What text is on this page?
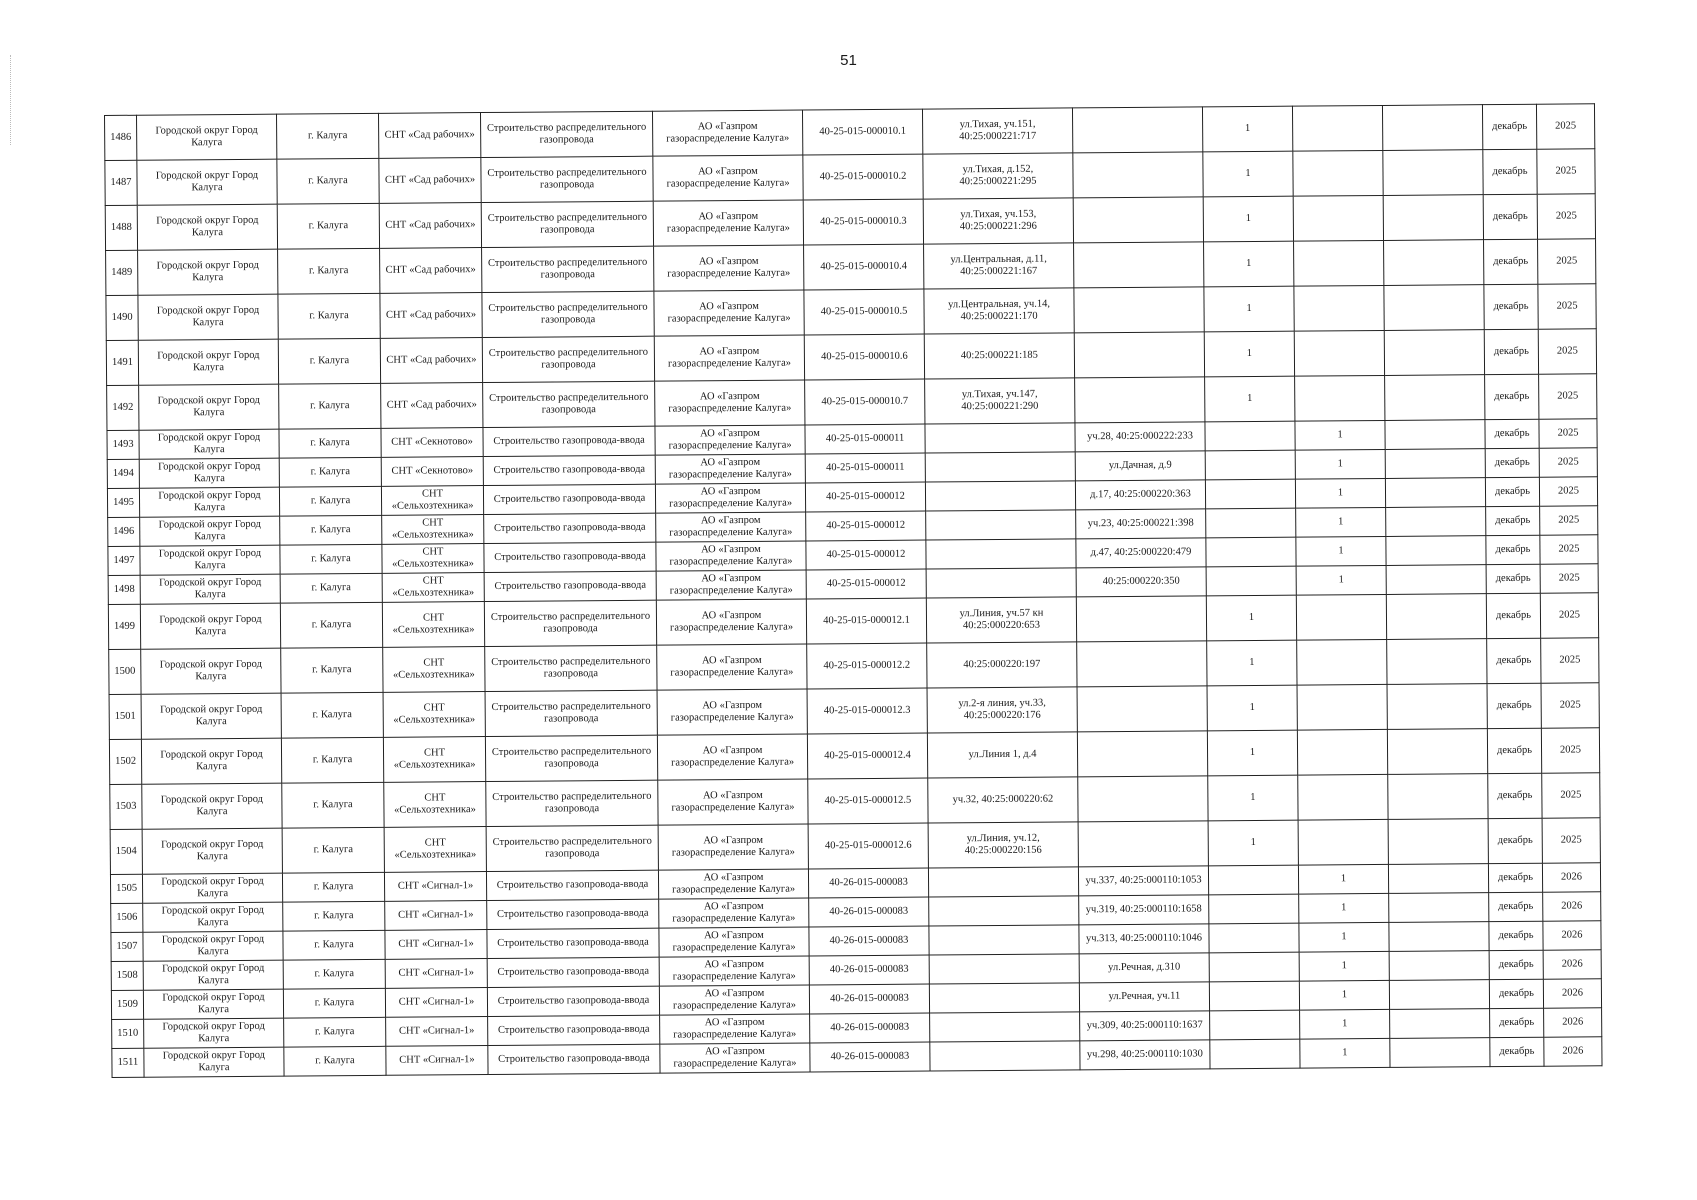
51
1486	Городской округ Город Калуга	г. Калуга	СНТ «Сад рабочих»	Строительство распределительного газопровода	АО «Газпром газораспределение Калуга»	40-25-015-000010.1	ул.Тихая, уч.151, 40:25:000221:717		1			декабрь	2025
1487	Городской округ Город Калуга	г. Калуга	СНТ «Сад рабочих»	Строительство распределительного газопровода	АО «Газпром газораспределение Калуга»	40-25-015-000010.2	ул.Тихая, д.152, 40:25:000221:295		1			декабрь	2025
1488	Городской округ Город Калуга	г. Калуга	СНТ «Сад рабочих»	Строительство распределительного газопровода	АО «Газпром газораспределение Калуга»	40-25-015-000010.3	ул.Тихая, уч.153, 40:25:000221:296		1			декабрь	2025
1489	Городской округ Город Калуга	г. Калуга	СНТ «Сад рабочих»	Строительство распределительного газопровода	АО «Газпром газораспределение Калуга»	40-25-015-000010.4	ул.Центральная, д.11, 40:25:000221:167		1			декабрь	2025
1490	Городской округ Город Калуга	г. Калуга	СНТ «Сад рабочих»	Строительство распределительного газопровода	АО «Газпром газораспределение Калуга»	40-25-015-000010.5	ул.Центральная, уч.14, 40:25:000221:170		1			декабрь	2025
1491	Городской округ Город Калуга	г. Калуга	СНТ «Сад рабочих»	Строительство распределительного газопровода	АО «Газпром газораспределение Калуга»	40-25-015-000010.6	40:25:000221:185		1			декабрь	2025
1492	Городской округ Город Калуга	г. Калуга	СНТ «Сад рабочих»	Строительство распределительного газопровода	АО «Газпром газораспределение Калуга»	40-25-015-000010.7	ул.Тихая, уч.147, 40:25:000221:290		1			декабрь	2025
1493	Городской округ Город Калуга	г. Калуга	СНТ «Секнотово»	Строительство газопровода-ввода	АО «Газпром газораспределение Калуга»	40-25-015-000011		уч.28, 40:25:000222:233		1		декабрь	2025
1494	Городской округ Город Калуга	г. Калуга	СНТ «Секнотово»	Строительство газопровода-ввода	АО «Газпром газораспределение Калуга»	40-25-015-000011		ул.Дачная, д.9		1		декабрь	2025
1495	Городской округ Город Калуга	г. Калуга	СНТ «Сельхозтехника»	Строительство газопровода-ввода	АО «Газпром газораспределение Калуга»	40-25-015-000012		д.17, 40:25:000220:363		1		декабрь	2025
1496	Городской округ Город Калуга	г. Калуга	СНТ «Сельхозтехника»	Строительство газопровода-ввода	АО «Газпром газораспределение Калуга»	40-25-015-000012		уч.23, 40:25:000221:398		1		декабрь	2025
1497	Городской округ Город Калуга	г. Калуга	СНТ «Сельхозтехника»	Строительство газопровода-ввода	АО «Газпром газораспределение Калуга»	40-25-015-000012		д.47, 40:25:000220:479		1		декабрь	2025
1498	Городской округ Город Калуга	г. Калуга	СНТ «Сельхозтехника»	Строительство газопровода-ввода	АО «Газпром газораспределение Калуга»	40-25-015-000012		40:25:000220:350		1		декабрь	2025
1499	Городской округ Город Калуга	г. Калуга	СНТ «Сельхозтехника»	Строительство распределительного газопровода	АО «Газпром газораспределение Калуга»	40-25-015-000012.1	ул.Линия, уч.57 кн 40:25:000220:653		1			декабрь	2025
1500	Городской округ Город Калуга	г. Калуга	СНТ «Сельхозтехника»	Строительство распределительного газопровода	АО «Газпром газораспределение Калуга»	40-25-015-000012.2	40:25:000220:197		1			декабрь	2025
1501	Городской округ Город Калуга	г. Калуга	СНТ «Сельхозтехника»	Строительство распределительного газопровода	АО «Газпром газораспределение Калуга»	40-25-015-000012.3	ул.2-я линия, уч.33, 40:25:000220:176		1			декабрь	2025
1502	Городской округ Город Калуга	г. Калуга	СНТ «Сельхозтехника»	Строительство распределительного газопровода	АО «Газпром газораспределение Калуга»	40-25-015-000012.4	ул.Линия 1, д.4		1			декабрь	2025
1503	Городской округ Город Калуга	г. Калуга	СНТ «Сельхозтехника»	Строительство распределительного газопровода	АО «Газпром газораспределение Калуга»	40-25-015-000012.5	уч.32, 40:25:000220:62		1			декабрь	2025
1504	Городской округ Город Калуга	г. Калуга	СНТ «Сельхозтехника»	Строительство распределительного газопровода	АО «Газпром газораспределение Калуга»	40-25-015-000012.6	ул.Линия, уч.12, 40:25:000220:156		1			декабрь	2025
1505	Городской округ Город Калуга	г. Калуга	СНТ «Сигнал-1»	Строительство газопровода-ввода	АО «Газпром газораспределение Калуга»	40-26-015-000083		уч.337, 40:25:000110:1053		1		декабрь	2026
1506	Городской округ Город Калуга	г. Калуга	СНТ «Сигнал-1»	Строительство газопровода-ввода	АО «Газпром газораспределение Калуга»	40-26-015-000083		уч.319, 40:25:000110:1658		1		декабрь	2026
1507	Городской округ Город Калуга	г. Калуга	СНТ «Сигнал-1»	Строительство газопровода-ввода	АО «Газпром газораспределение Калуга»	40-26-015-000083		уч.313, 40:25:000110:1046		1		декабрь	2026
1508	Городской округ Город Калуга	г. Калуга	СНТ «Сигнал-1»	Строительство газопровода-ввода	АО «Газпром газораспределение Калуга»	40-26-015-000083		ул.Речная, д.310		1		декабрь	2026
1509	Городской округ Город Калуга	г. Калуга	СНТ «Сигнал-1»	Строительство газопровода-ввода	АО «Газпром газораспределение Калуга»	40-26-015-000083		ул.Речная, уч.11		1		декабрь	2026
1510	Городской округ Город Калуга	г. Калуга	СНТ «Сигнал-1»	Строительство газопровода-ввода	АО «Газпром газораспределение Калуга»	40-26-015-000083		уч.309, 40:25:000110:1637		1		декабрь	2026
1511	Городской округ Город Калуга	г. Калуга	СНТ «Сигнал-1»	Строительство газопровода-ввода	АО «Газпром газораспределение Калуга»	40-26-015-000083		уч.298, 40:25:000110:1030		1		декабрь	2026
